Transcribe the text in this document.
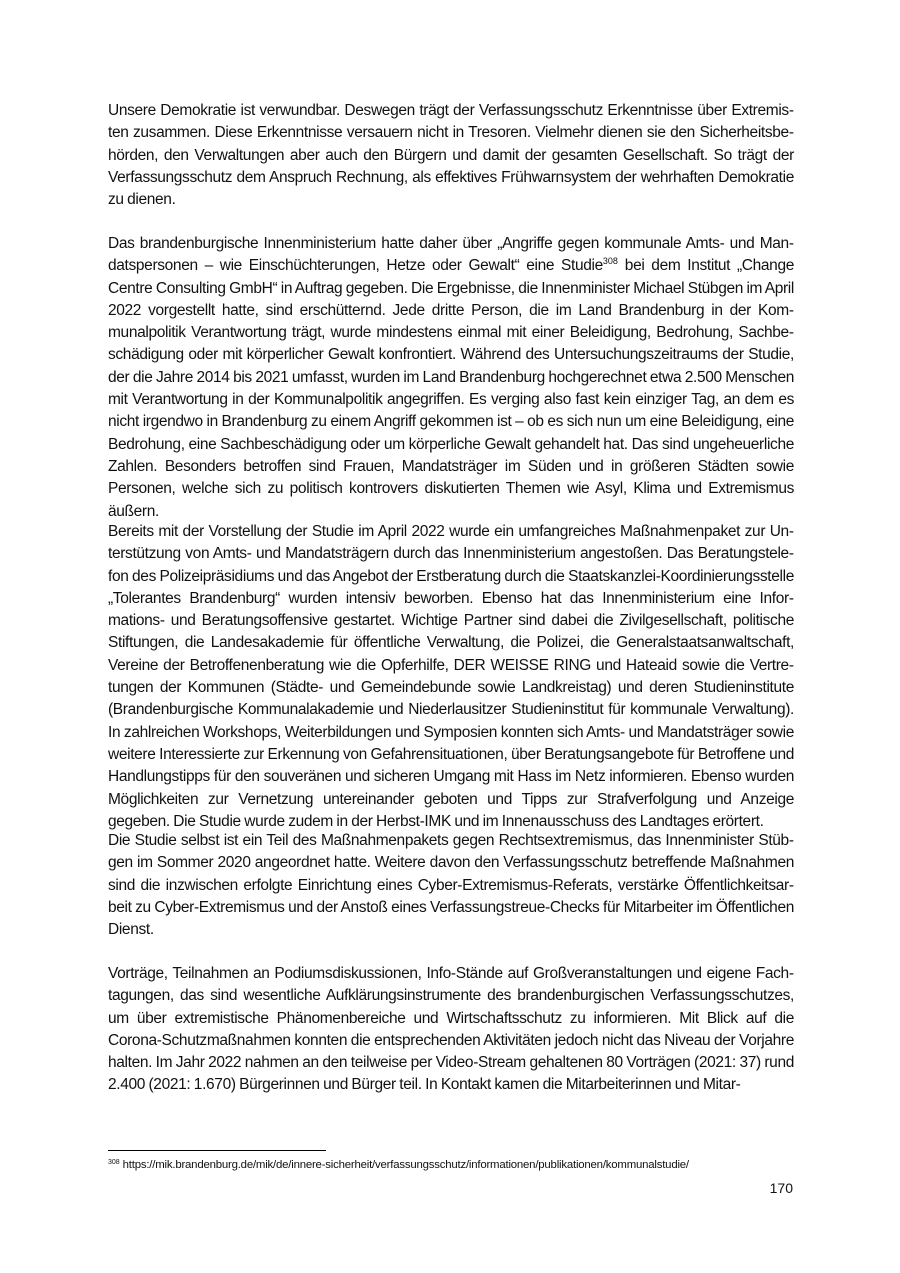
Unsere Demokratie ist verwundbar. Deswegen trägt der Verfassungsschutz Erkenntnisse über Extremisten zusammen. Diese Erkenntnisse versauern nicht in Tresoren. Vielmehr dienen sie den Sicherheitsbehörden, den Verwaltungen aber auch den Bürgern und damit der gesamten Gesellschaft. So trägt der Verfassungsschutz dem Anspruch Rechnung, als effektives Frühwarnsystem der wehrhaften Demokratie zu dienen.

Das brandenburgische Innenministerium hatte daher über „Angriffe gegen kommunale Amts- und Mandatspersonen – wie Einschüchterungen, Hetze oder Gewalt“ eine Studie$^{308}$ bei dem Institut „Change Centre Consulting GmbH“ in Auftrag gegeben. Die Ergebnisse, die Innenminister Michael Stübgen im April 2022 vorgestellt hatte, sind erschütternd. Jede dritte Person, die im Land Brandenburg in der Kommunalpolitik Verantwortung trägt, wurde mindestens einmal mit einer Beleidigung, Bedrohung, Sachbeschädigung oder mit körperlicher Gewalt konfrontiert. Während des Untersuchungszeitraums der Studie, der die Jahre 2014 bis 2021 umfasst, wurden im Land Brandenburg hochgerechnet etwa 2.500 Menschen mit Verantwortung in der Kommunalpolitik angegriffen. Es verging also fast kein einziger Tag, an dem es nicht irgendwo in Brandenburg zu einem Angriff gekommen ist – ob es sich nun um eine Beleidigung, eine Bedrohung, eine Sachbeschädigung oder um körperliche Gewalt gehandelt hat. Das sind ungeheuerliche Zahlen. Besonders betroffen sind Frauen, Mandatsträger im Süden und in größeren Städten sowie Personen, welche sich zu politisch kontrovers diskutierten Themen wie Asyl, Klima und Extremismus äußern.

Bereits mit der Vorstellung der Studie im April 2022 wurde ein umfangreiches Maßnahmenpaket zur Unterstützung von Amts- und Mandatsträgern durch das Innenministerium angestoßen. Das Beratungstelefon des Polizeipräsidiums und das Angebot der Erstberatung durch die Staatskanzlei-Koordinierungsstelle „Tolerantes Brandenburg“ wurden intensiv beworben. Ebenso hat das Innenministerium eine Informations- und Beratungsoffensive gestartet. Wichtige Partner sind dabei die Zivilgesellschaft, politische Stiftungen, die Landesakademie für öffentliche Verwaltung, die Polizei, die Generalstaatsanwaltschaft, Vereine der Betroffenenberatung wie die Opferhilfe, DER WEISSE RING und Hateaid sowie die Vertretungen der Kommunen (Städte- und Gemeindebunde sowie Landkreistag) und deren Studieninstitute (Brandenburgische Kommunalakademie und Niederlausitzer Studieninstitut für kommunale Verwaltung). In zahlreichen Workshops, Weiterbildungen und Symposien konnten sich Amts- und Mandatsträger sowie weitere Interessierte zur Erkennung von Gefahrensituationen, über Beratungsangebote für Betroffene und Handlungstipps für den souveränen und sicheren Umgang mit Hass im Netz informieren. Ebenso wurden Möglichkeiten zur Vernetzung untereinander geboten und Tipps zur Strafverfolgung und Anzeige gegeben. Die Studie wurde zudem in der Herbst-IMK und im Innenausschuss des Landtages erörtert.

Die Studie selbst ist ein Teil des Maßnahmenpakets gegen Rechtsextremismus, das Innenminister Stübgen im Sommer 2020 angeordnet hatte. Weitere davon den Verfassungsschutz betreffende Maßnahmen sind die inzwischen erfolgte Einrichtung eines Cyber-Extremismus-Referats, verstärke Öffentlichkeitsarbeit zu Cyber-Extremismus und der Anstoß eines Verfassungstreue-Checks für Mitarbeiter im Öffentlichen Dienst.

Vorträge, Teilnahmen an Podiumsdiskussionen, Info-Stände auf Großveranstaltungen und eigene Fachtagungen, das sind wesentliche Aufklärungsinstrumente des brandenburgischen Verfassungsschutzes, um über extremistische Phänomenbereiche und Wirtschaftsschutz zu informieren. Mit Blick auf die Corona-Schutzmaßnahmen konnten die entsprechenden Aktivitäten jedoch nicht das Niveau der Vorjahre halten. Im Jahr 2022 nahmen an den teilweise per Video-Stream gehaltenen 80 Vorträgen (2021: 37) rund 2.400 (2021: 1.670) Bürgerinnen und Bürger teil. In Kontakt kamen die Mitarbeiterinnen und Mitar-

$^{308}$ https://mik.brandenburg.de/mik/de/innere-sicherheit/verfassungsschutz/informationen/publikationen/kommunalstudie/
170
